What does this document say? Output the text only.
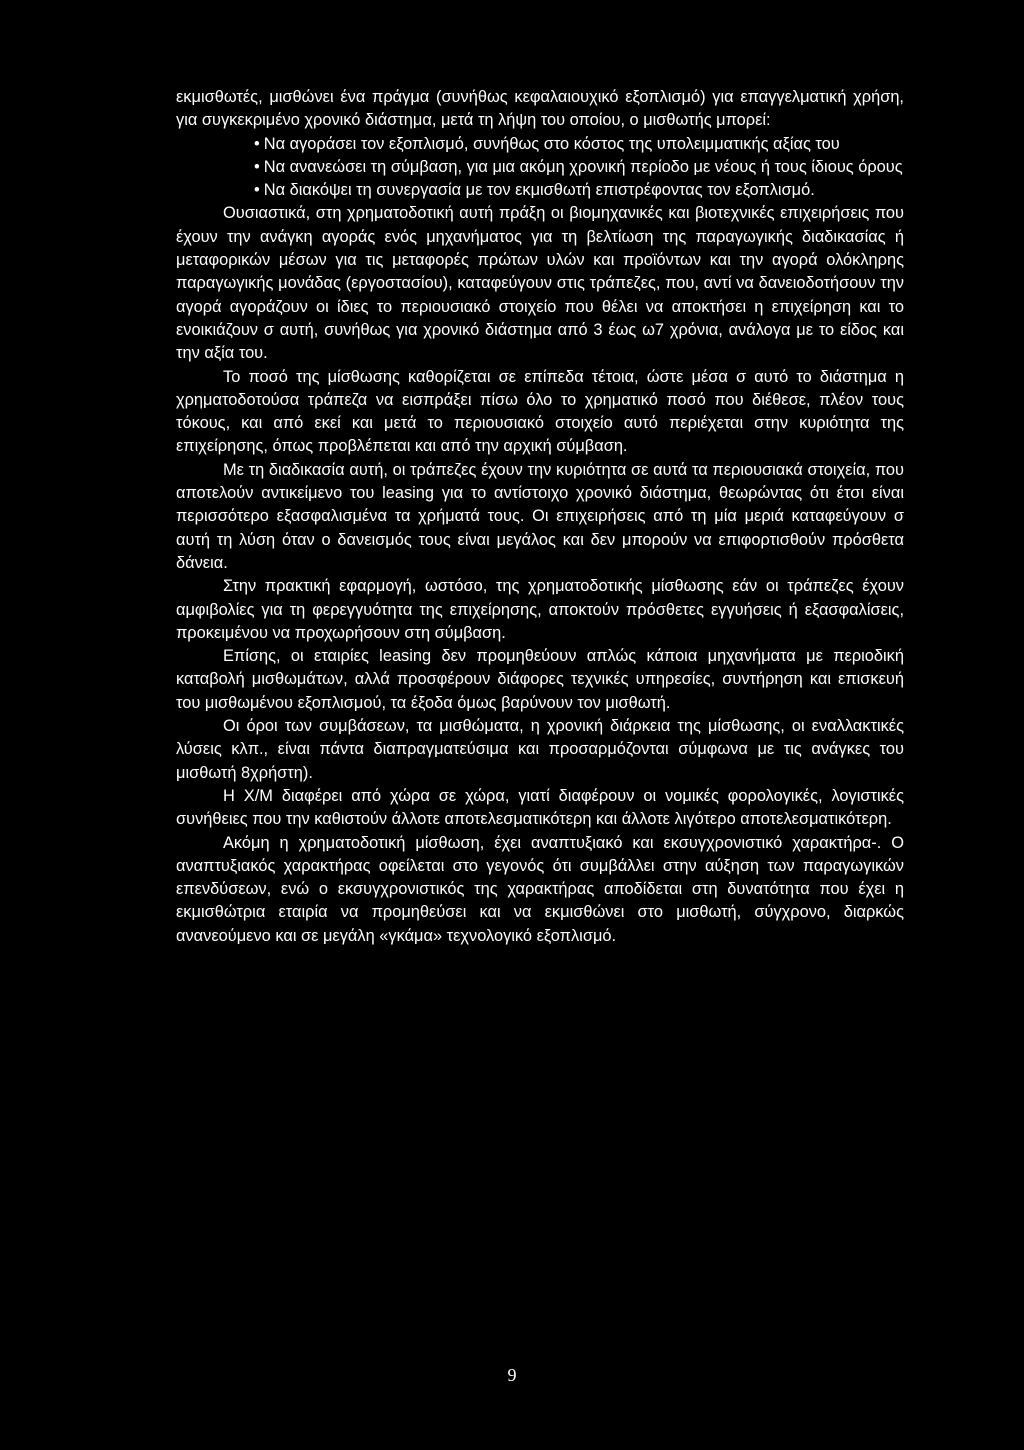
εκμισθωτές, μισθώνει ένα πράγμα (συνήθως κεφαλαιουχικό εξοπλισμό) για επαγγελματική χρήση, για συγκεκριμένο χρονικό διάστημα, μετά τη λήψη του οποίου, ο μισθωτής μπορεί:

• Να αγοράσει τον εξοπλισμό, συνήθως στο κόστος της υπολειμματικής αξίας του

• Να ανανεώσει τη σύμβαση, για μια ακόμη χρονική περίοδο με νέους ή τους ίδιους όρους

• Να διακόψει τη συνεργασία με τον εκμισθωτή επιστρέφοντας τον εξοπλισμό.

Ουσιαστικά, στη χρηματοδοτική αυτή πράξη οι βιομηχανικές και βιοτεχνικές επιχειρήσεις που έχουν την ανάγκη αγοράς ενός μηχανήματος για τη βελτίωση της παραγωγικής διαδικασίας ή μεταφορικών μέσων για τις μεταφορές πρώτων υλών και προϊόντων και την αγορά ολόκληρης παραγωγικής μονάδας (εργοστασίου), καταφεύγουν στις τράπεζες, που, αντί να δανειοδοτήσουν την αγορά αγοράζουν οι ίδιες το περιουσιακό στοιχείο που θέλει να αποκτήσει η επιχείρηση και το ενοικιάζουν σ αυτή, συνήθως για χρονικό διάστημα από 3 έως ω7 χρόνια, ανάλογα με το είδος και την αξία του.

Το ποσό της μίσθωσης καθορίζεται σε επίπεδα τέτοια, ώστε μέσα σ αυτό το διάστημα η χρηματοδοτούσα τράπεζα να εισπράξει πίσω όλο το χρηματικό ποσό που διέθεσε, πλέον τους τόκους, και από εκεί και μετά το περιουσιακό στοιχείο αυτό περιέχεται στην κυριότητα της επιχείρησης, όπως προβλέπεται και από την αρχική σύμβαση.

Με τη διαδικασία αυτή, οι τράπεζες έχουν την κυριότητα σε αυτά τα περιουσιακά στοιχεία, που αποτελούν αντικείμενο του leasing για το αντίστοιχο χρονικό διάστημα, θεωρώντας ότι έτσι είναι περισσότερο εξασφαλισμένα τα χρήματά τους. Οι επιχειρήσεις από τη μία μεριά καταφεύγουν σ αυτή τη λύση όταν ο δανεισμός τους είναι μεγάλος και δεν μπορούν να επιφορτισθούν πρόσθετα δάνεια.

Στην πρακτική εφαρμογή, ωστόσο, της χρηματοδοτικής μίσθωσης εάν οι τράπεζες έχουν αμφιβολίες για τη φερεγγυότητα της επιχείρησης, αποκτούν πρόσθετες εγγυήσεις ή εξασφαλίσεις, προκειμένου να προχωρήσουν στη σύμβαση.

Επίσης, οι εταιρίες leasing δεν προμηθεύουν απλώς κάποια μηχανήματα με περιοδική καταβολή μισθωμάτων, αλλά προσφέρουν διάφορες τεχνικές υπηρεσίες, συντήρηση και επισκευή του μισθωμένου εξοπλισμού, τα έξοδα όμως βαρύνουν τον μισθωτή.

Οι όροι των συμβάσεων, τα μισθώματα, η χρονική διάρκεια της μίσθωσης, οι εναλλακτικές λύσεις κλπ., είναι πάντα διαπραγματεύσιμα και προσαρμόζονται σύμφωνα με τις ανάγκες του μισθωτή 8χρήστη).

Η Χ/Μ διαφέρει από χώρα σε χώρα, γιατί διαφέρουν οι νομικές φορολογικές, λογιστικές συνήθειες που την καθιστούν άλλοτε αποτελεσματικότερη και άλλοτε λιγότερο αποτελεσματικότερη.

Ακόμη η χρηματοδοτική μίσθωση, έχει αναπτυξιακό και εκσυγχρονιστικό χαρακτήρα-. Ο αναπτυξιακός χαρακτήρας οφείλεται στο γεγονός ότι συμβάλλει στην αύξηση των παραγωγικών επενδύσεων, ενώ ο εκσυγχρονιστικός της χαρακτήρας αποδίδεται στη δυνατότητα που έχει η εκμισθώτρια εταιρία να προμηθεύσει και να εκμισθώνει στο μισθωτή, σύγχρονο, διαρκώς ανανεούμενο και σε μεγάλη «γκάμα» τεχνολογικό εξοπλισμό.

9
